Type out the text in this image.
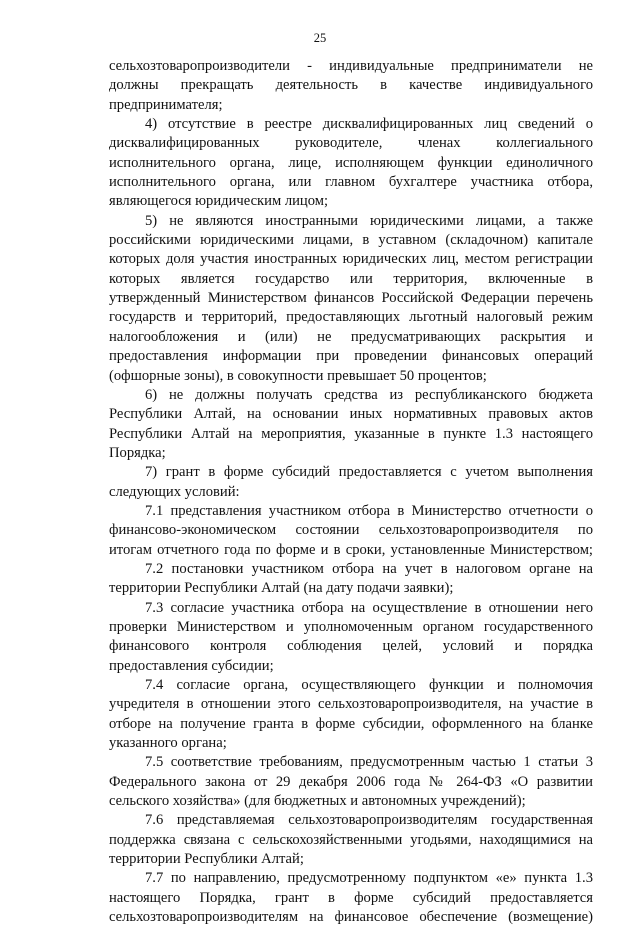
25
сельхозтоваропроизводители - индивидуальные предприниматели не
должны прекращать деятельность в качестве индивидуального
предпринимателя;
4) отсутствие в реестре дисквалифицированных лиц сведений о
дисквалифицированных руководителе, членах коллегиального
исполнительного органа, лице, исполняющем функции единоличного
исполнительного органа, или главном бухгалтере участника отбора,
являющегося юридическим лицом;
5) не являются иностранными юридическими лицами, а также
российскими юридическими лицами, в уставном (складочном) капитале
которых доля участия иностранных юридических лиц, местом регистрации
которых является государство или территория, включенные в
утвержденный Министерством финансов Российской Федерации перечень
государств и территорий, предоставляющих льготный налоговый режим
налогообложения и (или) не предусматривающих раскрытия и
предоставления информации при проведении финансовых операций
(офшорные зоны), в совокупности превышает 50 процентов;
6) не должны получать средства из республиканского бюджета
Республики Алтай, на основании иных нормативных правовых актов
Республики Алтай на мероприятия, указанные в пункте 1.3 настоящего
Порядка;
7) грант в форме субсидий предоставляется с учетом выполнения
следующих условий:
7.1 представления участником отбора в Министерство отчетности о
финансово-экономическом состоянии сельхозтоваропроизводителя по
итогам отчетного года по форме и в сроки, установленные Министерством;
7.2 постановки участником отбора на учет в налоговом органе на
территории Республики Алтай (на дату подачи заявки);
7.3 согласие участника отбора на осуществление в отношении него
проверки Министерством и уполномоченным органом государственного
финансового контроля соблюдения целей, условий и порядка
предоставления субсидии;
7.4 согласие органа, осуществляющего функции и полномочия
учредителя в отношении этого сельхозтоваропроизводителя, на участие в
отборе на получение гранта в форме субсидии, оформленного на бланке
указанного органа;
7.5 соответствие требованиям, предусмотренным частью 1 статьи 3
Федерального закона от 29 декабря 2006 года № 264-ФЗ «О развитии
сельского хозяйства» (для бюджетных и автономных учреждений);
7.6 представляемая сельхозтоваропроизводителям государственная
поддержка связана с сельскохозяйственными угодьями, находящимися на
территории Республики Алтай;
7.7 по направлению, предусмотренному подпунктом «е» пункта 1.3
настоящего Порядка, грант в форме субсидий предоставляется
сельхозтоваропроизводителям на финансовое обеспечение (возмещение)
